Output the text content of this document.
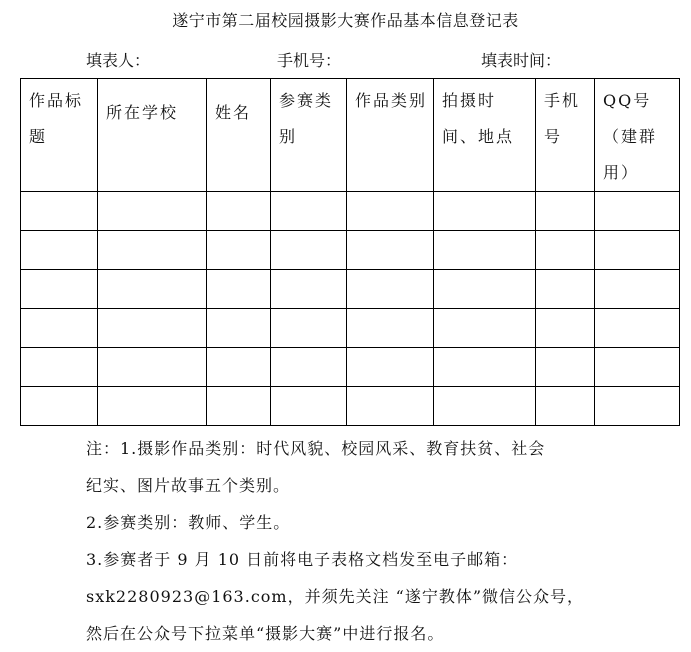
遂宁市第二届校园摄影大赛作品基本信息登记表
填表人：	手机号：	填表时间：
作品标题	所在学校	姓名	参赛类别	作品类别	拍摄时间、地点	手机号	QQ号（建群用）

注：1.摄影作品类别：时代风貌、校园风采、教育扶贫、社会

纪实、图片故事五个类别。

2.参赛类别：教师、学生。

3.参赛者于 9 月 10 日前将电子表格文档发至电子邮箱：

sxk2280923@163.com，并须先关注 “遂宁教体”微信公众号，

然后在公众号下拉菜单“摄影大赛”中进行报名。
